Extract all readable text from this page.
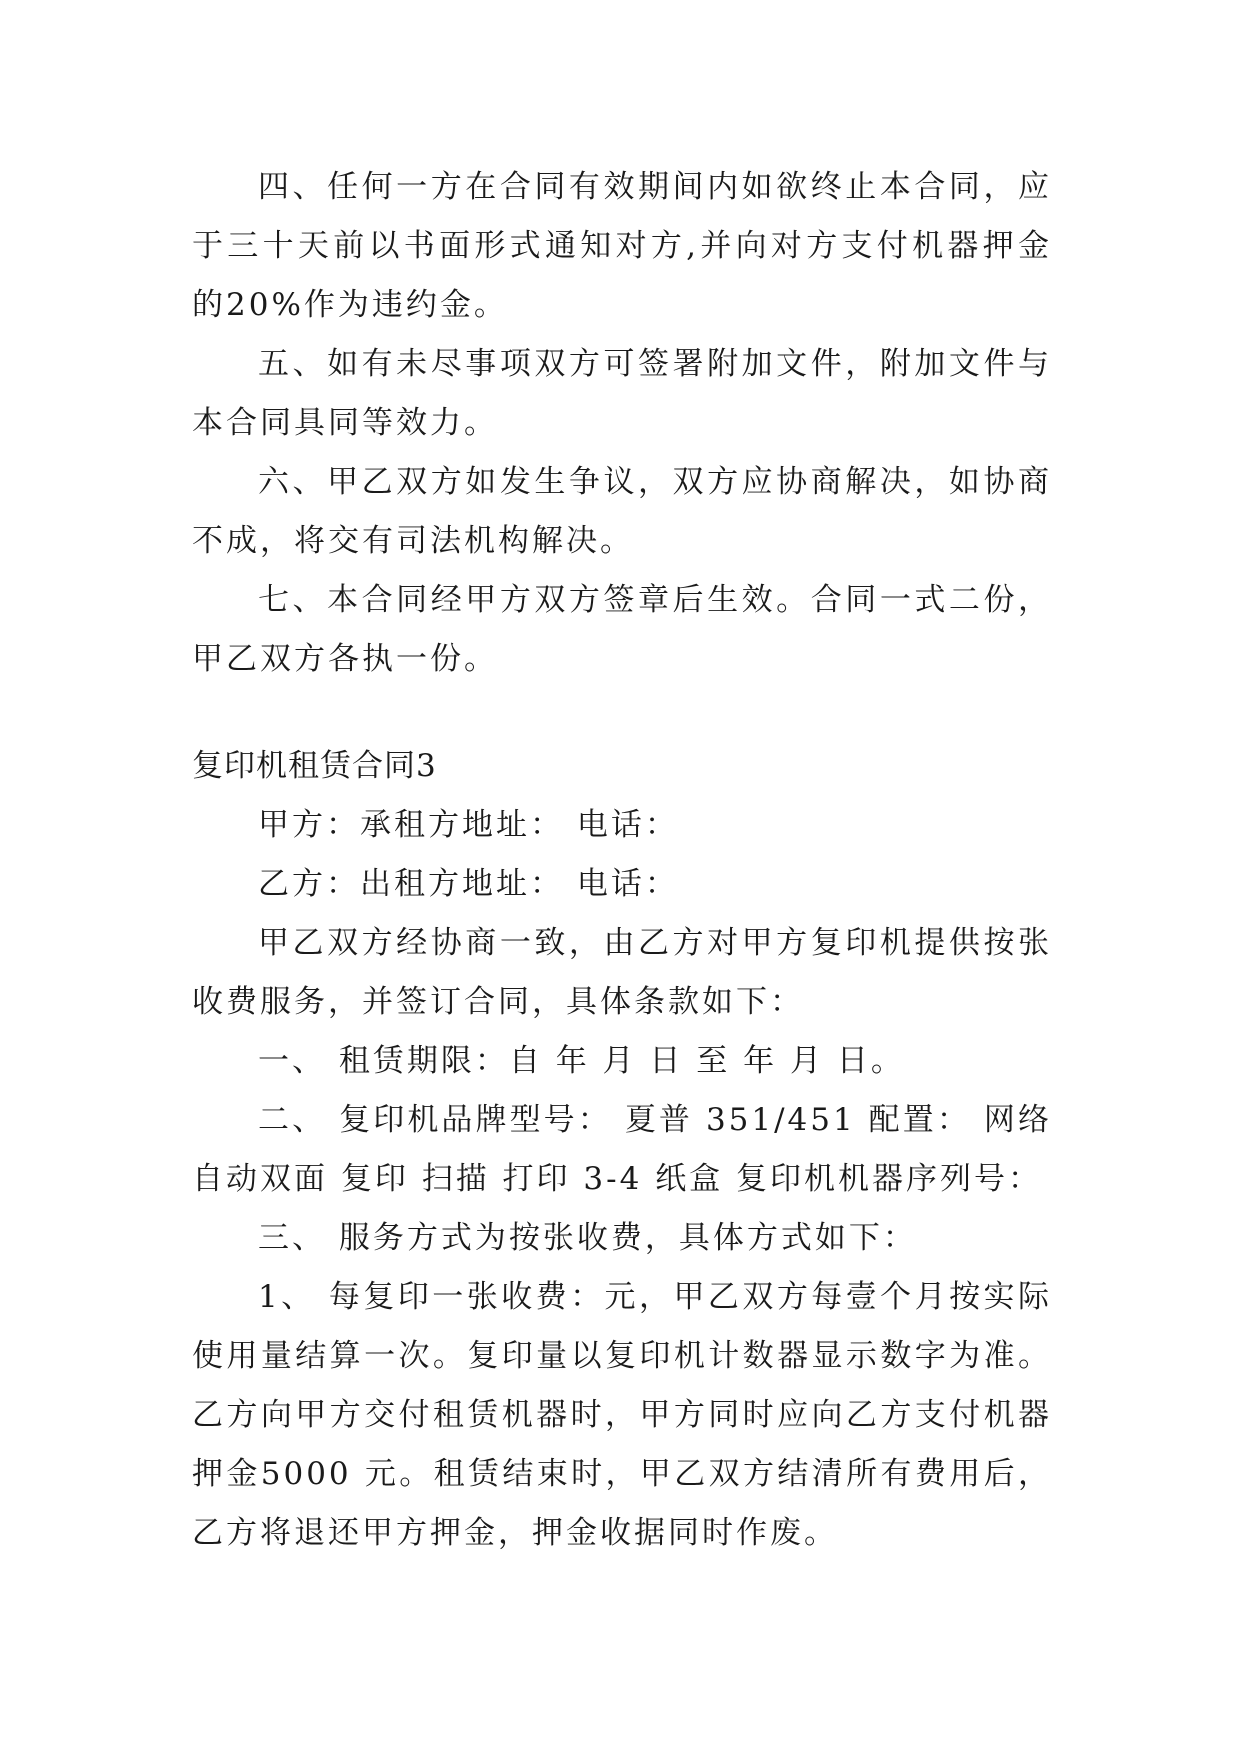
四、任何一方在合同有效期间内如欲终止本合同，应于三十天前以书面形式通知对方,并向对方支付机器押金的20%作为违约金。

五、如有未尽事项双方可签署附加文件，附加文件与本合同具同等效力。

六、甲乙双方如发生争议，双方应协商解决，如协商不成，将交有司法机构解决。

七、本合同经甲方双方签章后生效。合同一式二份，甲乙双方各执一份。

复印机租赁合同3

甲方：承租方地址： 电话：

乙方：出租方地址： 电话：

甲乙双方经协商一致，由乙方对甲方复印机提供按张收费服务，并签订合同，具体条款如下：

一、 租赁期限：自 年 月 日 至 年 月 日。

二、 复印机品牌型号： 夏普 351/451 配置： 网络 自动双面 复印 扫描 打印 3-4 纸盒 复印机机器序列号：

三、 服务方式为按张收费，具体方式如下：

1、 每复印一张收费：元，甲乙双方每壹个月按实际使用量结算一次。复印量以复印机计数器显示数字为准。乙方向甲方交付租赁机器时，甲方同时应向乙方支付机器押金5000 元。租赁结束时，甲乙双方结清所有费用后，乙方将退还甲方押金，押金收据同时作废。
